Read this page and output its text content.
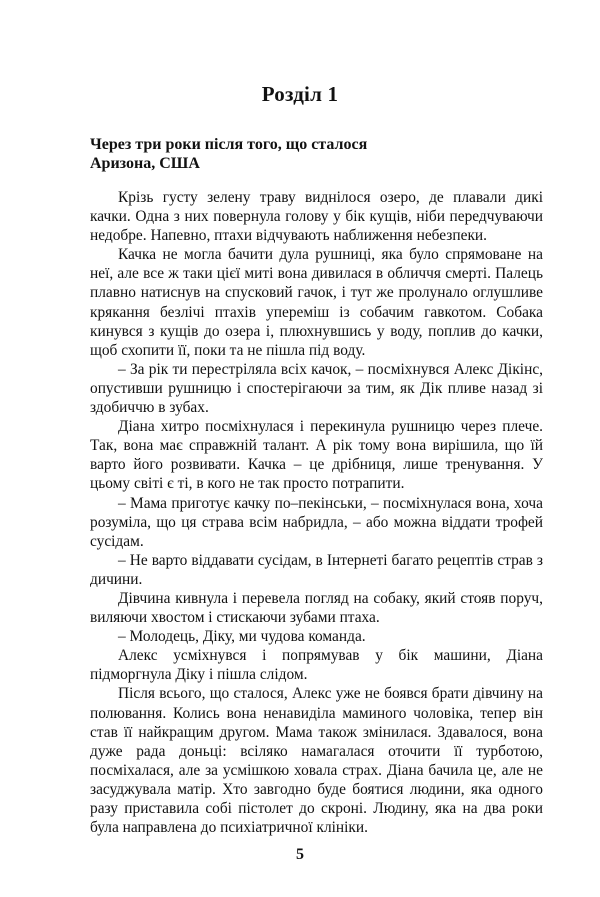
Розділ 1
Через три роки після того, що сталося
Аризона, США

Крізь густу зелену траву виднілося озеро, де плавали дикі качки. Одна з них повернула голову у бік кущів, ніби передчуваючи недобре. Напевно, птахи відчувають наближення небезпеки.

Качка не могла бачити дула рушниці, яка було спрямоване на неї, але все ж таки цієї миті вона дивилася в обличчя смерті. Палець плавно натиснув на спусковий гачок, і тут же пролунало оглушливе крякання безлічі птахів упереміш із собачим гавкотом. Собака кинувся з кущів до озера і, плюхнувшись у воду, поплив до качки, щоб схопити її, поки та не пішла під воду.

– За рік ти перестріляла всіх качок, – посміхнувся Алекс Дікінс, опустивши рушницю і спостерігаючи за тим, як Дік пливе назад зі здобиччю в зубах.

Діана хитро посміхнулася і перекинула рушницю через плече. Так, вона має справжній талант. А рік тому вона вирішила, що їй варто його розвивати. Качка – це дрібниця, лише тренування. У цьому світі є ті, в кого не так просто потрапити.

– Мама приготує качку по–пекінськи, – посміхнулася вона, хоча розуміла, що ця страва всім набридла, – або можна віддати трофей сусідам.

– Не варто віддавати сусідам, в Інтернеті багато рецептів страв з дичини.

Дівчина кивнула і перевела погляд на собаку, який стояв поруч, виляючи хвостом і стискаючи зубами птаха.

– Молодець, Діку, ми чудова команда.

Алекс усміхнувся і попрямував у бік машини, Діана підморгнула Діку і пішла слідом.

Після всього, що сталося, Алекс уже не боявся брати дівчину на полювання. Колись вона ненавиділа маминого чоловіка, тепер він став її найкращим другом. Мама також змінилася. Здавалося, вона дуже рада доньці: всіляко намагалася оточити її турботою, посміхалася, але за усмішкою ховала страх. Діана бачила це, але не засуджувала матір. Хто завгодно буде боятися людини, яка одного разу приставила собі пістолет до скроні. Людину, яка на два роки була направлена до психіатричної клініки.

5
